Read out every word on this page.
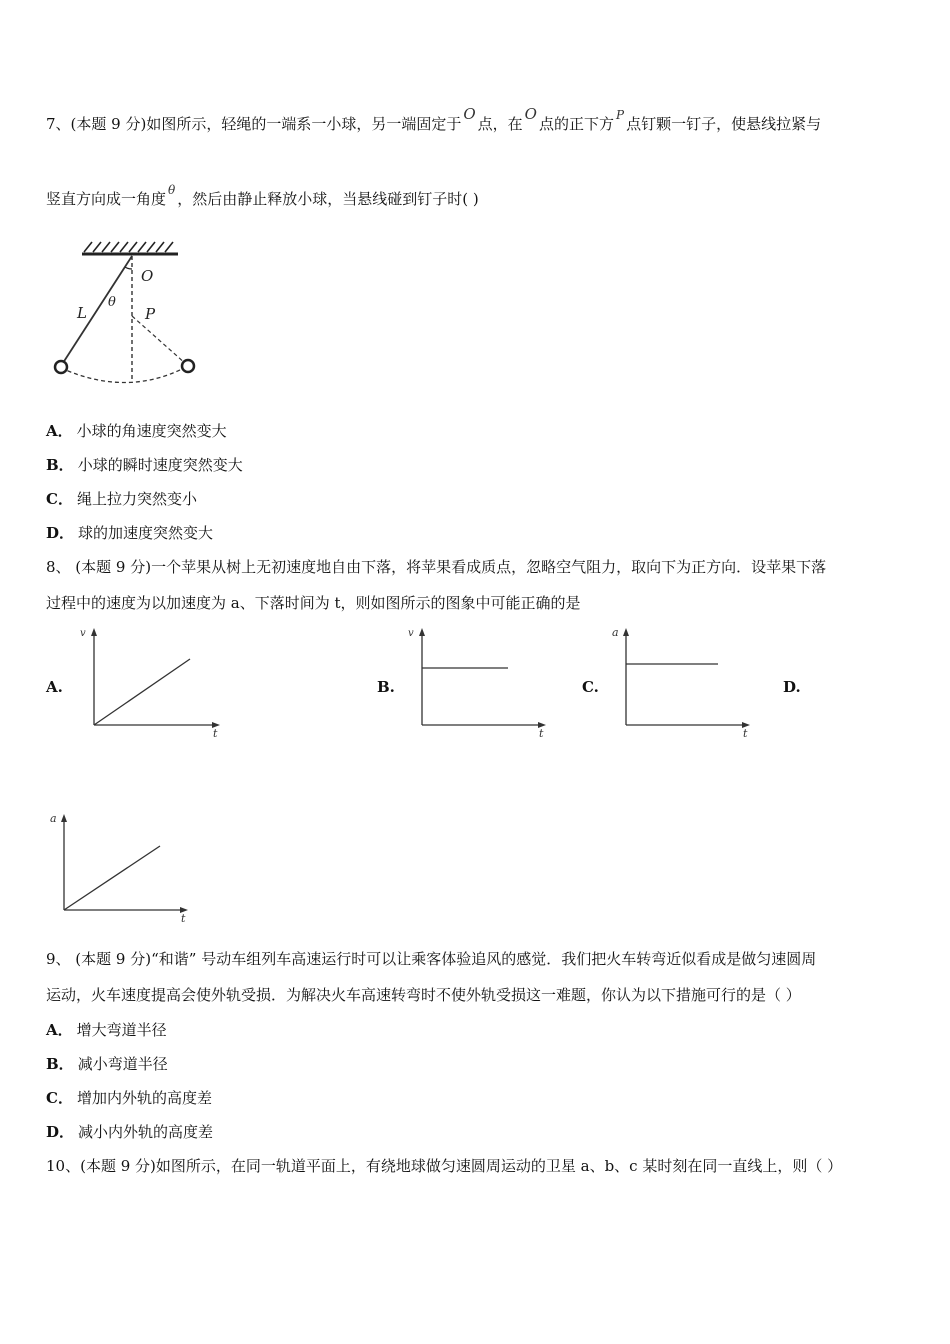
7、(本题 9 分)如图所示，轻绳的一端系一小球，另一端固定于O点，在O点的正下方 $^P$ 点钉颗一钉子，使悬线拉紧与
竖直方向成一角度 $^\theta$ ，然后由静止释放小球，当悬线碰到钉子时( )
O
L
θ
P
A． 小球的角速度突然变大
B． 小球的瞬时速度突然变大
C． 绳上拉力突然变小
D． 球的加速度突然变大
8、 (本题 9 分)一个苹果从树上无初速度地自由下落，将苹果看成质点，忽略空气阻力，取向下为正方向．设苹果下落
过程中的速度为以加速度为 a、下落时间为 t，则如图所示的图象中可能正确的是
A.	B.	C.	D.
v
t
v
t
a
t
a
t
9、 (本题 9 分)“和谐” 号动车组列车高速运行时可以让乘客体验追风的感觉．我们把火车转弯近似看成是做匀速圆周
运动，火车速度提高会使外轨受损．为解决火车高速转弯时不使外轨受损这一难题，你认为以下措施可行的是（ ）
A． 增大弯道半径
B． 减小弯道半径
C． 增加内外轨的高度差
D． 减小内外轨的高度差
10、(本题 9 分)如图所示，在同一轨道平面上，有绕地球做匀速圆周运动的卫星 a、b、c 某时刻在同一直线上，则（ ）
